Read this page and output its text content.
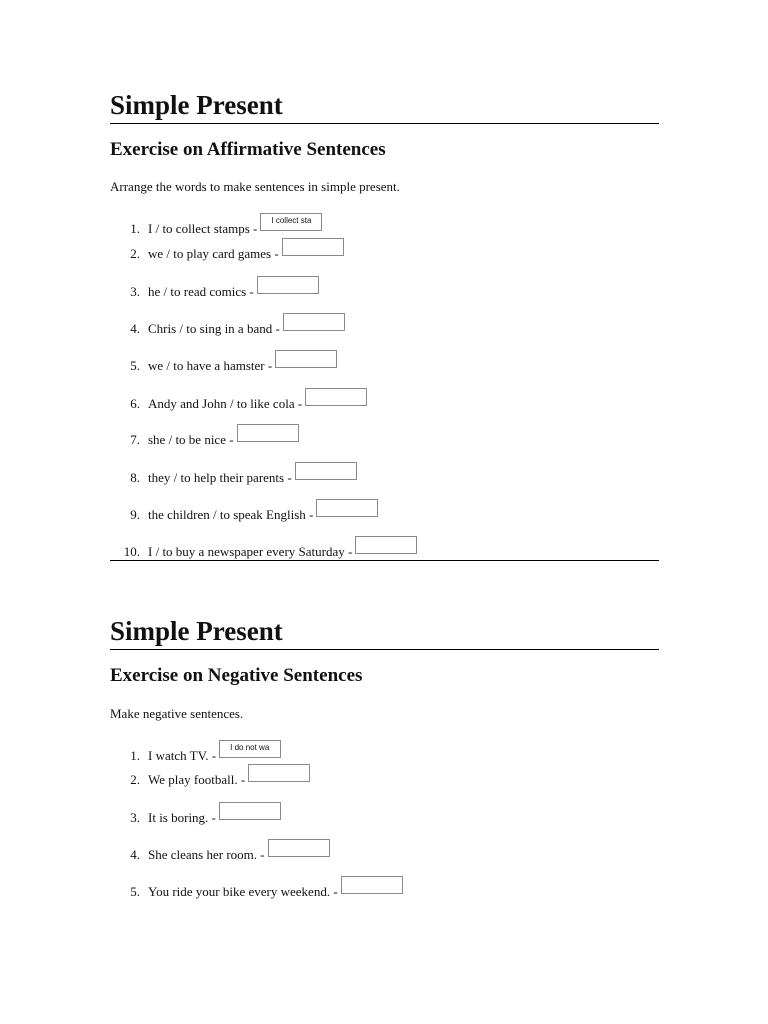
Simple Present
Exercise on Affirmative Sentences

Arrange the words to make sentences in simple present.

1. I / to collect stamps -I collect sta
2. we / to play card games -
3. he / to read comics -
4. Chris / to sing in a band -
5. we / to have a hamster -
6. Andy and John / to like cola -
7. she / to be nice -
8. they / to help their parents -
9. the children / to speak English -
10. I / to buy a newspaper every Saturday -
Simple Present
Exercise on Negative Sentences

Make negative sentences.

1. I watch TV. -I do not wa
2. We play football. -
3. It is boring. -
4. She cleans her room. -
5. You ride your bike every weekend. -
